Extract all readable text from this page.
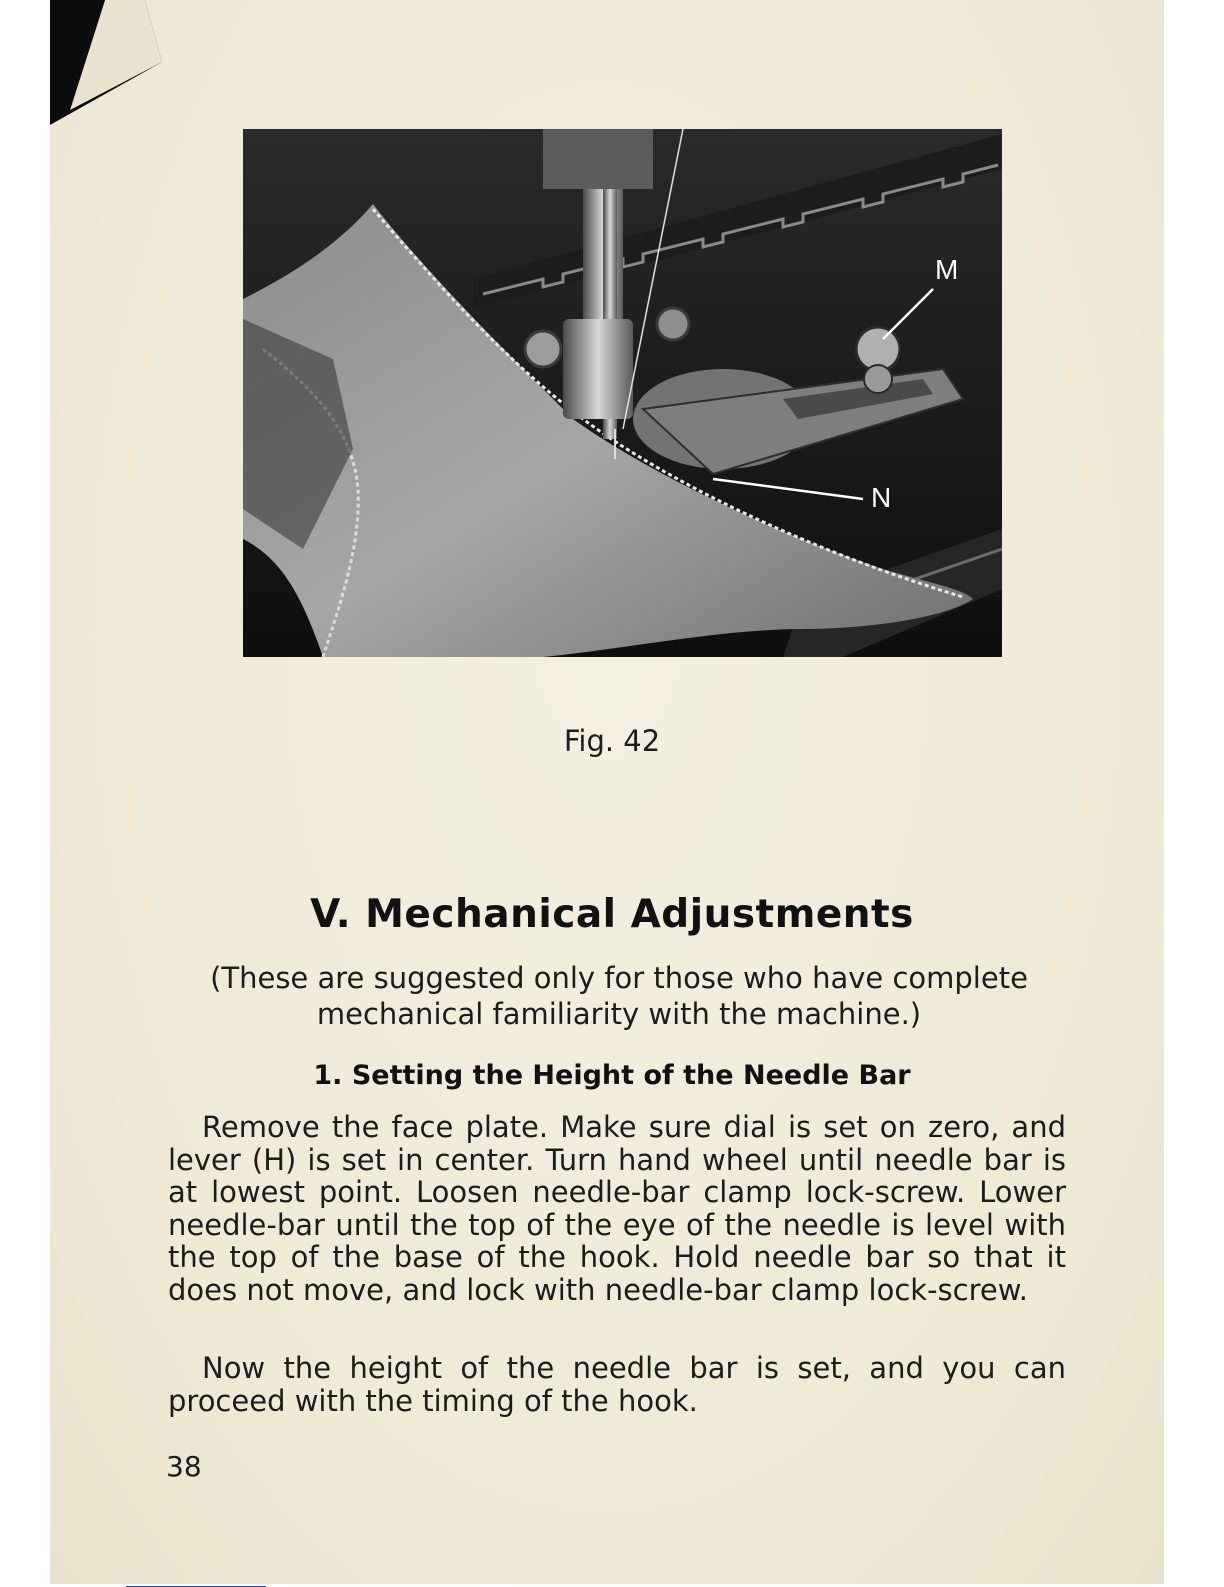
M
N
Fig. 42
V. Mechanical Adjustments
(These are suggested only for those who have complete mechanical familiarity with the machine.)
1. Setting the Height of the Needle Bar
Remove the face plate. Make sure dial is set on zero, and lever (H) is set in center. Turn hand wheel until needle bar is at lowest point. Loosen needle-bar clamp lock-screw. Lower needle-bar until the top of the eye of the needle is level with the top of the base of the hook. Hold needle bar so that it does not move, and lock with needle-bar clamp lock-screw.
Now the height of the needle bar is set, and you can proceed with the timing of the hook.
38
